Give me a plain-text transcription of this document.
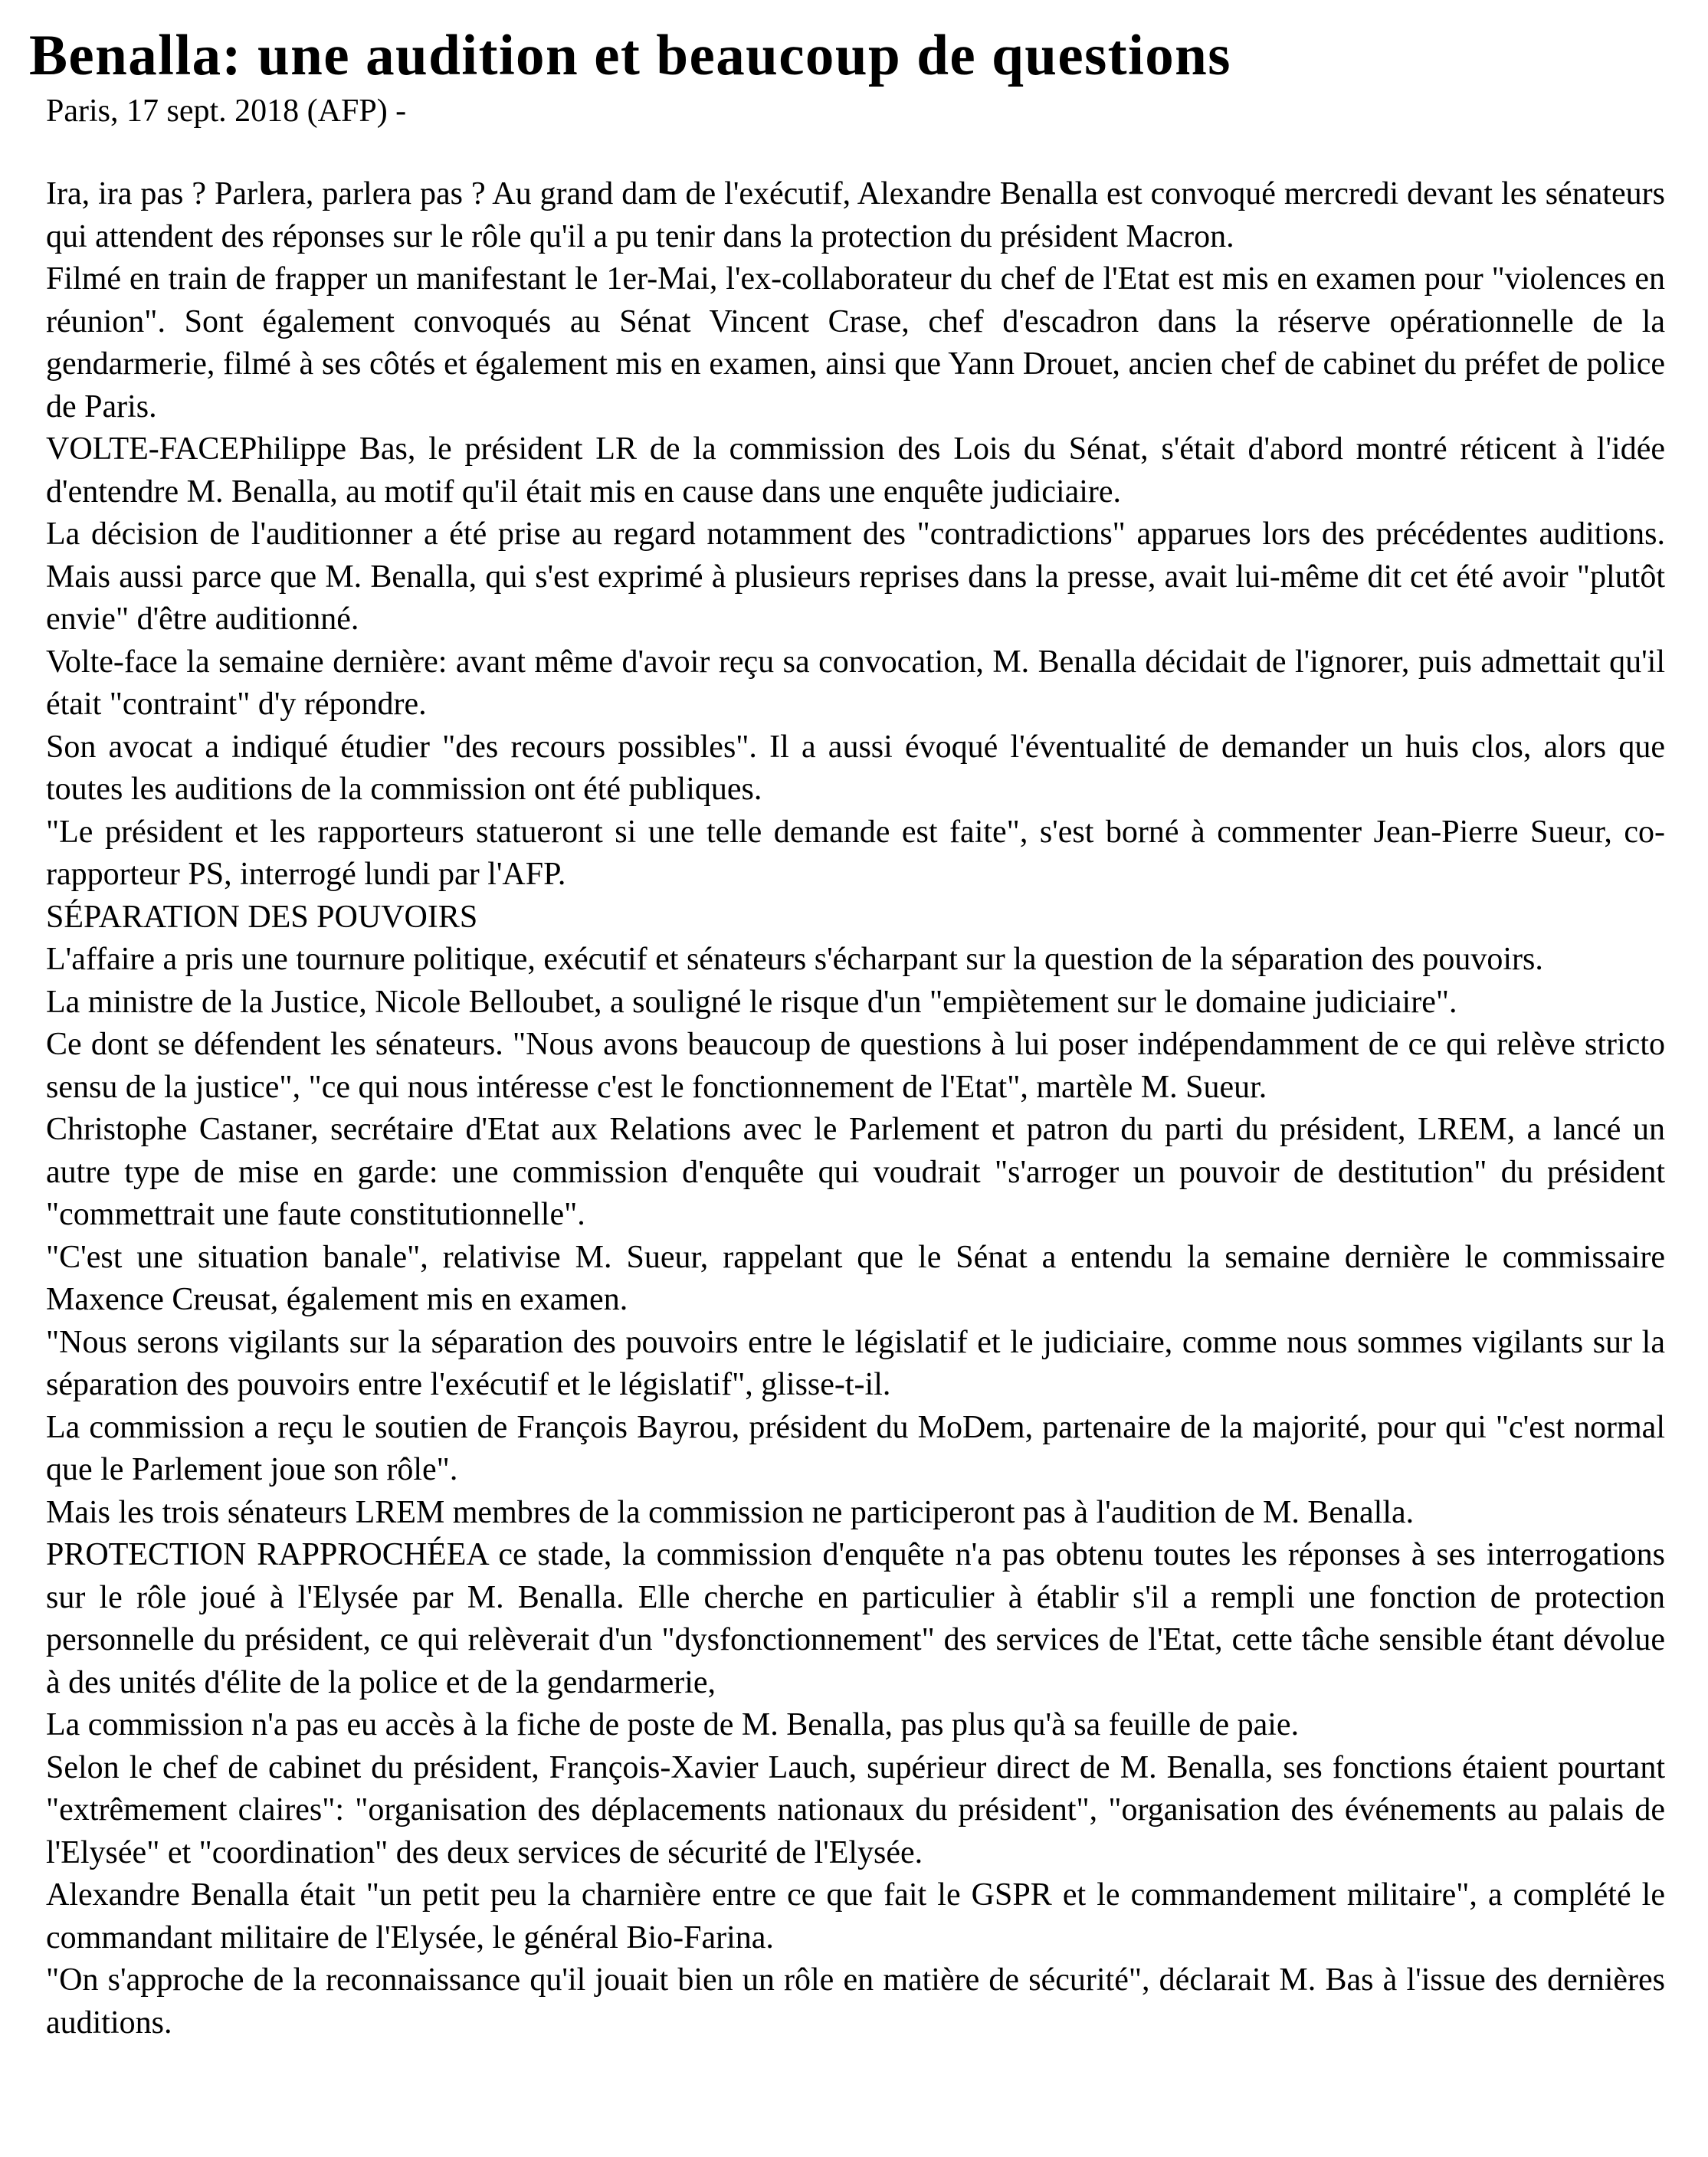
Benalla: une audition et beaucoup de questions
Paris, 17 sept. 2018 (AFP) -

Ira, ira pas ? Parlera, parlera pas ? Au grand dam de l'exécutif, Alexandre Benalla est convoqué mercredi devant les sénateurs qui attendent des réponses sur le rôle qu'il a pu tenir dans la protection du président Macron.

Filmé en train de frapper un manifestant le 1er-Mai, l'ex-collaborateur du chef de l'Etat est mis en examen pour "violences en réunion". Sont également convoqués au Sénat Vincent Crase, chef d'escadron dans la réserve opérationnelle de la gendarmerie, filmé à ses côtés et également mis en examen, ainsi que Yann Drouet, ancien chef de cabinet du préfet de police de Paris.

VOLTE-FACEPhilippe Bas, le président LR de la commission des Lois du Sénat, s'était d'abord montré réticent à l'idée d'entendre M. Benalla, au motif qu'il était mis en cause dans une enquête judiciaire.

La décision de l'auditionner a été prise au regard notamment des "contradictions" apparues lors des précédentes auditions. Mais aussi parce que M. Benalla, qui s'est exprimé à plusieurs reprises dans la presse, avait lui-même dit cet été avoir "plutôt envie" d'être auditionné.

Volte-face la semaine dernière: avant même d'avoir reçu sa convocation, M. Benalla décidait de l'ignorer, puis admettait qu'il était "contraint" d'y répondre.

Son avocat a indiqué étudier "des recours possibles". Il a aussi évoqué l'éventualité de demander un huis clos, alors que toutes les auditions de la commission ont été publiques.

"Le président et les rapporteurs statueront si une telle demande est faite", s'est borné à commenter Jean-Pierre Sueur, co-rapporteur PS, interrogé lundi par l'AFP.

SÉPARATION DES POUVOIRS

L'affaire a pris une tournure politique, exécutif et sénateurs s'écharpant sur la question de la séparation des pouvoirs.

La ministre de la Justice, Nicole Belloubet, a souligné le risque d'un "empiètement sur le domaine judiciaire".

Ce dont se défendent les sénateurs. "Nous avons beaucoup de questions à lui poser indépendamment de ce qui relève stricto sensu de la justice", "ce qui nous intéresse c'est le fonctionnement de l'Etat", martèle M. Sueur.

Christophe Castaner, secrétaire d'Etat aux Relations avec le Parlement et patron du parti du président, LREM, a lancé un autre type de mise en garde: une commission d'enquête qui voudrait "s'arroger un pouvoir de destitution" du président "commettrait une faute constitutionnelle".

"C'est une situation banale", relativise M. Sueur, rappelant que le Sénat a entendu la semaine dernière le commissaire Maxence Creusat, également mis en examen.

"Nous serons vigilants sur la séparation des pouvoirs entre le législatif et le judiciaire, comme nous sommes vigilants sur la séparation des pouvoirs entre l'exécutif et le législatif", glisse-t-il.

La commission a reçu le soutien de François Bayrou, président du MoDem, partenaire de la majorité, pour qui "c'est normal que le Parlement joue son rôle".

Mais les trois sénateurs LREM membres de la commission ne participeront pas à l'audition de M. Benalla.

PROTECTION RAPPROCHÉEA ce stade, la commission d'enquête n'a pas obtenu toutes les réponses à ses interrogations sur le rôle joué à l'Elysée par M. Benalla. Elle cherche en particulier à établir s'il a rempli une fonction de protection personnelle du président, ce qui relèverait d'un "dysfonctionnement" des services de l'Etat, cette tâche sensible étant dévolue à des unités d'élite de la police et de la gendarmerie,

La commission n'a pas eu accès à la fiche de poste de M. Benalla, pas plus qu'à sa feuille de paie.

Selon le chef de cabinet du président, François-Xavier Lauch, supérieur direct de M. Benalla, ses fonctions étaient pourtant "extrêmement claires": "organisation des déplacements nationaux du président", "organisation des événements au palais de l'Elysée" et "coordination" des deux services de sécurité de l'Elysée.

Alexandre Benalla était "un petit peu la charnière entre ce que fait le GSPR et le commandement militaire", a complété le commandant militaire de l'Elysée, le général Bio-Farina.

"On s'approche de la reconnaissance qu'il jouait bien un rôle en matière de sécurité", déclarait M. Bas à l'issue des dernières auditions.
